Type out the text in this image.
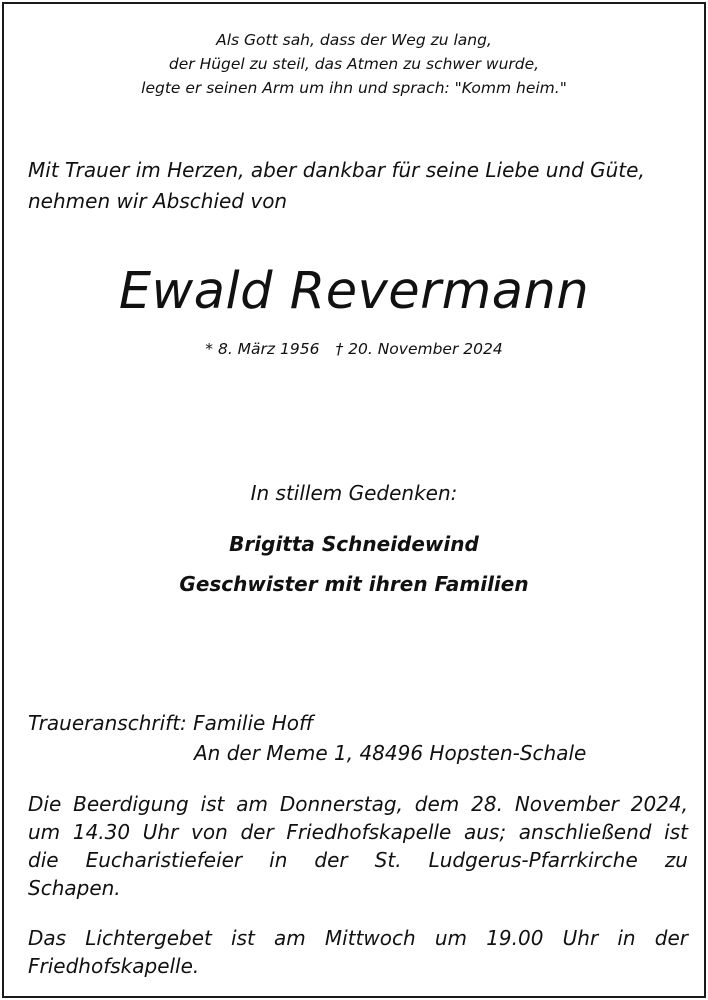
Als Gott sah, dass der Weg zu lang,
der Hügel zu steil, das Atmen zu schwer wurde,
legte er seinen Arm um ihn und sprach: "Komm heim."
Mit Trauer im Herzen, aber dankbar für seine Liebe und Güte,
nehmen wir Abschied von
Ewald Revermann
* 8. März 1956 † 20. November 2024
In stillem Gedenken:
Brigitta Schneidewind
Geschwister mit ihren Familien
Traueranschrift: Familie Hoff
An der Meme 1, 48496 Hopsten-Schale
Die Beerdigung ist am Donnerstag, dem 28. November 2024,
um 14.30 Uhr von der Friedhofskapelle aus; anschließend ist
die Eucharistiefeier in der St. Ludgerus-Pfarrkirche zu
Schapen.
Das Lichtergebet ist am Mittwoch um 19.00 Uhr in der
Friedhofskapelle.
